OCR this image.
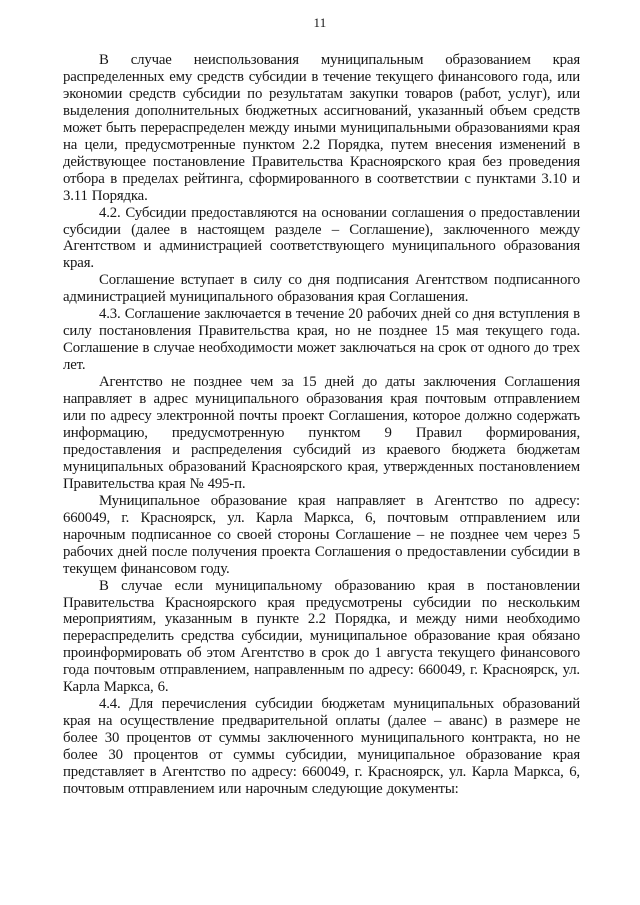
11

В случае неиспользования муниципальным образованием края распределенных ему средств субсидии в течение текущего финансового года, или экономии средств субсидии по результатам закупки товаров (работ, услуг), или выделения дополнительных бюджетных ассигнований, указанный объем средств может быть перераспределен между иными муниципальными образованиями края на цели, предусмотренные пунктом 2.2 Порядка, путем внесения изменений в действующее постановление Правительства Красноярского края без проведения отбора в пределах рейтинга, сформированного в соответствии с пунктами 3.10 и 3.11 Порядка.

4.2. Субсидии предоставляются на основании соглашения о предоставлении субсидии (далее в настоящем разделе – Соглашение), заключенного между Агентством и администрацией соответствующего муниципального образования края.

Соглашение вступает в силу со дня подписания Агентством подписанного администрацией муниципального образования края Соглашения.

4.3. Соглашение заключается в течение 20 рабочих дней со дня вступления в силу постановления Правительства края, но не позднее 15 мая текущего года. Соглашение в случае необходимости может заключаться на срок от одного до трех лет.

Агентство не позднее чем за 15 дней до даты заключения Соглашения направляет в адрес муниципального образования края почтовым отправлением или по адресу электронной почты проект Соглашения, которое должно содержать информацию, предусмотренную пунктом 9 Правил формирования, предоставления и распределения субсидий из краевого бюджета бюджетам муниципальных образований Красноярского края, утвержденных постановлением Правительства края № 495-п.

Муниципальное образование края направляет в Агентство по адресу: 660049, г. Красноярск, ул. Карла Маркса, 6, почтовым отправлением или нарочным подписанное со своей стороны Соглашение – не позднее чем через 5 рабочих дней после получения проекта Соглашения о предоставлении субсидии в текущем финансовом году.

В случае если муниципальному образованию края в постановлении Правительства Красноярского края предусмотрены субсидии по нескольким мероприятиям, указанным в пункте 2.2 Порядка, и между ними необходимо перераспределить средства субсидии, муниципальное образование края обязано проинформировать об этом Агентство в срок до 1 августа текущего финансового года почтовым отправлением, направленным по адресу: 660049, г. Красноярск, ул. Карла Маркса, 6.

4.4. Для перечисления субсидии бюджетам муниципальных образований края на осуществление предварительной оплаты (далее – аванс) в размере не более 30 процентов от суммы заключенного муниципального контракта, но не более 30 процентов от суммы субсидии, муниципальное образование края представляет в Агентство по адресу: 660049, г. Красноярск, ул. Карла Маркса, 6, почтовым отправлением или нарочным следующие документы:
